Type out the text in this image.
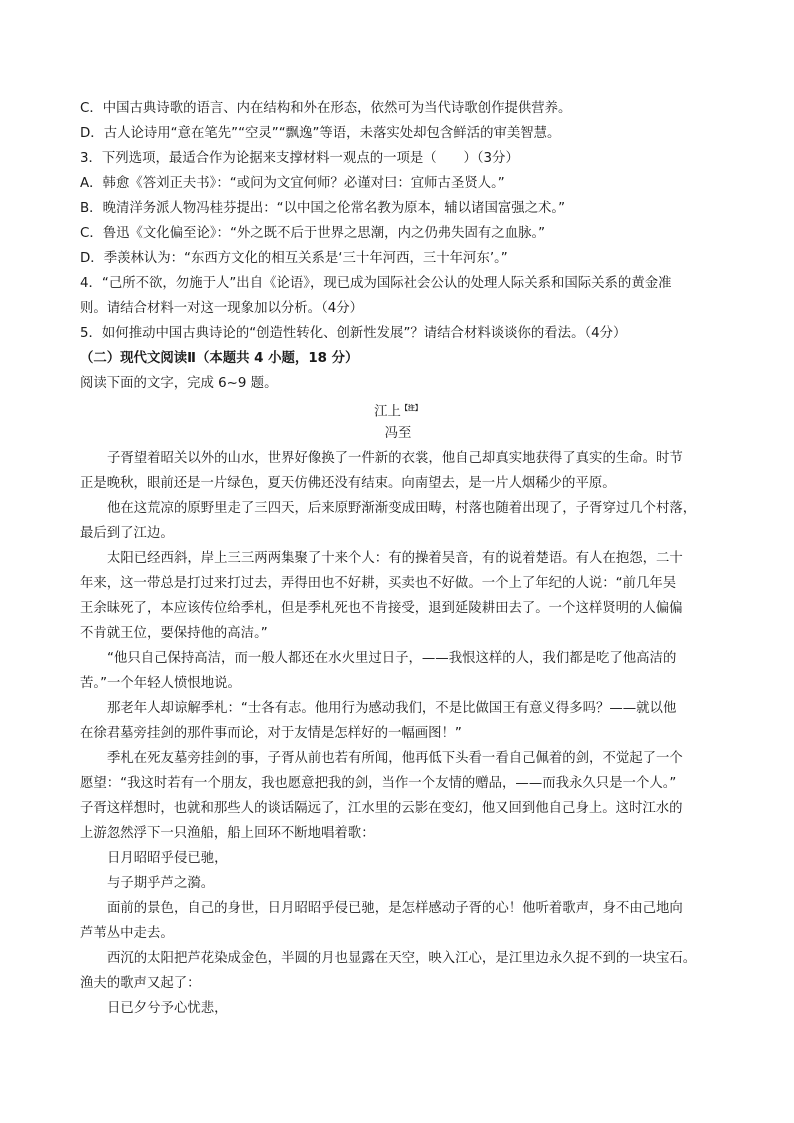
C．中国古典诗歌的语言、内在结构和外在形态，依然可为当代诗歌创作提供营养。
D．古人论诗用“意在笔先”“空灵”“飘逸”等语，未落实处却包含鲜活的审美智慧。
3．下列选项，最适合作为论据来支撑材料一观点的一项是（　　）（3分）
A．韩愈《答刘正夫书》：“或问为文宜何师？必谨对曰：宜师古圣贤人。”
B．晚清洋务派人物冯桂芬提出：“以中国之伦常名教为原本，辅以诸国富强之术。”
C．鲁迅《文化偏至论》：“外之既不后于世界之思潮，内之仍弗失固有之血脉。”
D．季羡林认为：“东西方文化的相互关系是‘三十年河西，三十年河东’。”
4．“己所不欲，勿施于人”出自《论语》，现已成为国际社会公认的处理人际关系和国际关系的黄金准
则。请结合材料一对这一现象加以分析。（4分）
5．如何推动中国古典诗论的“创造性转化、创新性发展”？请结合材料谈谈你的看法。（4分）
（二）现代文阅读Ⅱ（本题共 4 小题，18 分）
阅读下面的文字，完成 6~9 题。
江上$^{【注】}$
冯至
子胥望着昭关以外的山水，世界好像换了一件新的衣裳，他自己却真实地获得了真实的生命。时节
正是晚秋，眼前还是一片绿色，夏天仿佛还没有结束。向南望去，是一片人烟稀少的平原。
他在这荒凉的原野里走了三四天，后来原野渐渐变成田畴，村落也随着出现了，子胥穿过几个村落，
最后到了江边。
太阳已经西斜，岸上三三两两集聚了十来个人：有的操着吴音，有的说着楚语。有人在抱怨，二十
年来，这一带总是打过来打过去，弄得田也不好耕，买卖也不好做。一个上了年纪的人说：“前几年吴
王余昧死了，本应该传位给季札，但是季札死也不肯接受，退到延陵耕田去了。一个这样贤明的人偏偏
不肯就王位，要保持他的高洁。”
“他只自己保持高洁，而一般人都还在水火里过日子，——我恨这样的人，我们都是吃了他高洁的
苦。”一个年轻人愤恨地说。
那老年人却谅解季札：“士各有志。他用行为感动我们，不是比做国王有意义得多吗？——就以他
在徐君墓旁挂剑的那件事而论，对于友情是怎样好的一幅画图！”
季札在死友墓旁挂剑的事，子胥从前也若有所闻，他再低下头看一看自己佩着的剑，不觉起了一个
愿望：“我这时若有一个朋友，我也愿意把我的剑，当作一个友情的赠品，——而我永久只是一个人。”
子胥这样想时，也就和那些人的谈话隔远了，江水里的云影在变幻，他又回到他自己身上。这时江水的
上游忽然浮下一只渔船，船上回环不断地唱着歌：
日月昭昭乎侵已驰，
与子期乎芦之漪。
面前的景色，自己的身世，日月昭昭乎侵已驰，是怎样感动子胥的心！他听着歌声，身不由己地向
芦苇丛中走去。
西沉的太阳把芦花染成金色，半圆的月也显露在天空，映入江心，是江里边永久捉不到的一块宝石。
渔夫的歌声又起了：
日已夕兮予心忧悲，
